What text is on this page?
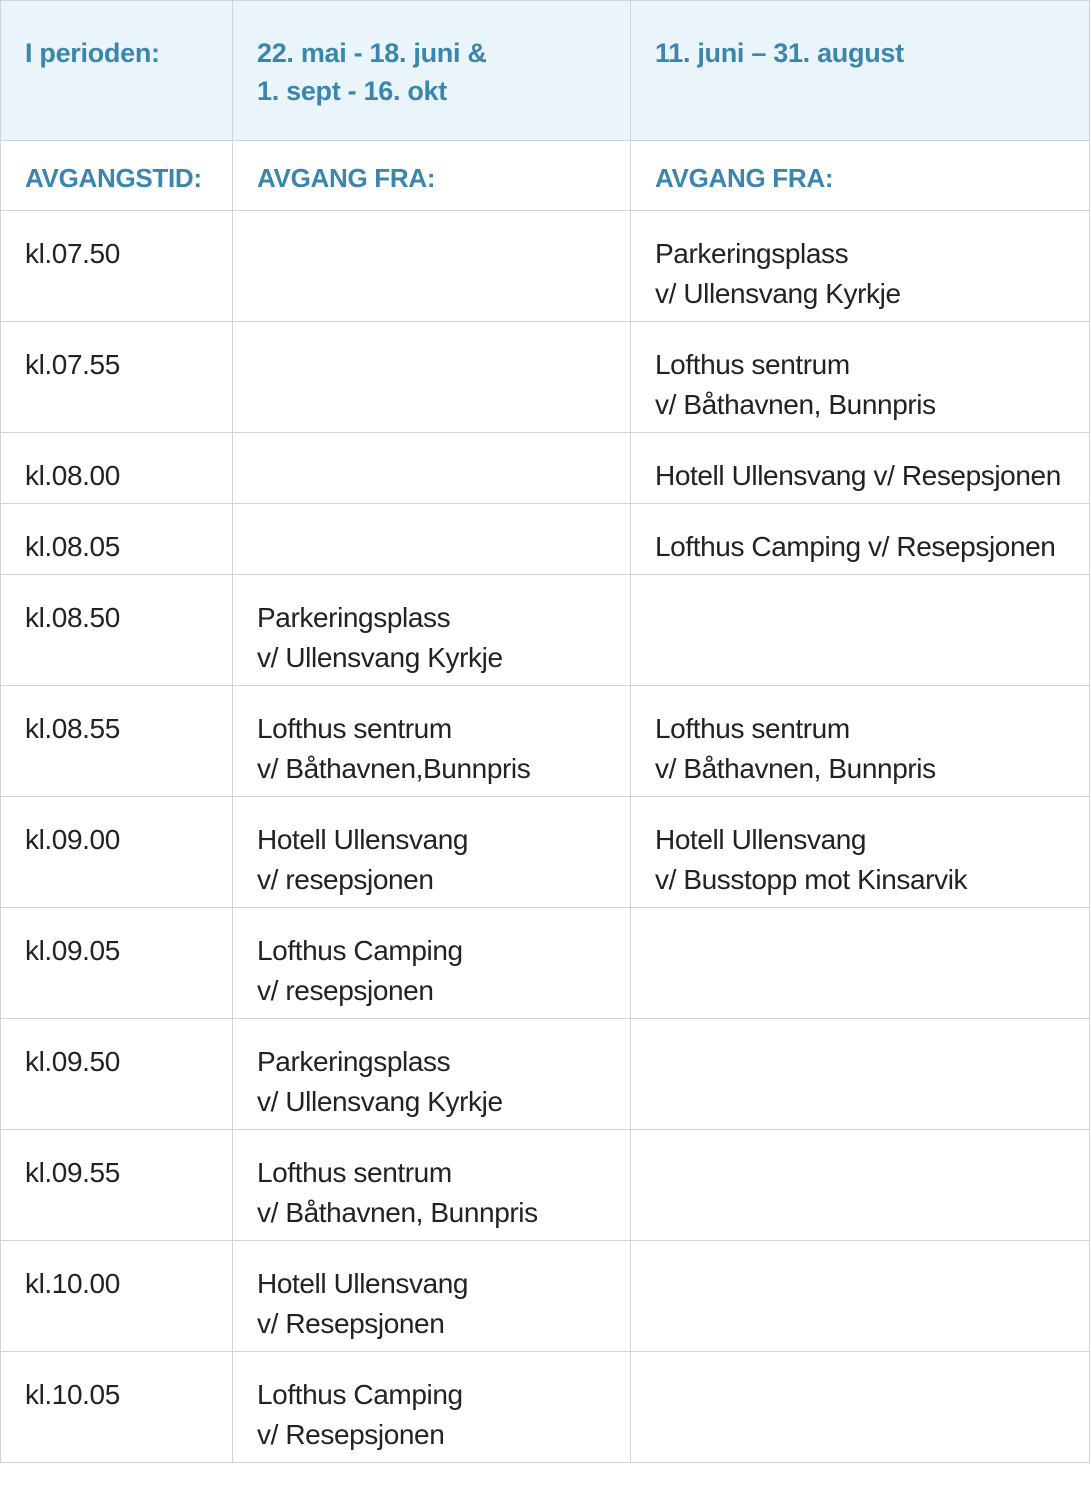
I perioden:	22. mai - 18. juni &
1. sept - 16. okt	11. juni – 31. august

AVGANGSTID:	AVGANG FRA:	AVGANG FRA:

kl.07.50		Parkeringsplass
v/ Ullensvang Kyrkje

kl.07.55		Lofthus sentrum
v/ Båthavnen, Bunnpris

kl.08.00		Hotell Ullensvang v/ Resepsjonen

kl.08.05		Lofthus Camping v/ Resepsjonen

kl.08.50	Parkeringsplass
v/ Ullensvang Kyrkje	

kl.08.55	Lofthus sentrum
v/ Båthavnen,Bunnpris	Lofthus sentrum
v/ Båthavnen, Bunnpris

kl.09.00	Hotell Ullensvang
v/ resepsjonen	Hotell Ullensvang
v/ Busstopp mot Kinsarvik

kl.09.05	Lofthus Camping
v/ resepsjonen	

kl.09.50	Parkeringsplass
v/ Ullensvang Kyrkje	

kl.09.55	Lofthus sentrum
v/ Båthavnen, Bunnpris	

kl.10.00	Hotell Ullensvang
v/ Resepsjonen	

kl.10.05	Lofthus Camping
v/ Resepsjonen	
